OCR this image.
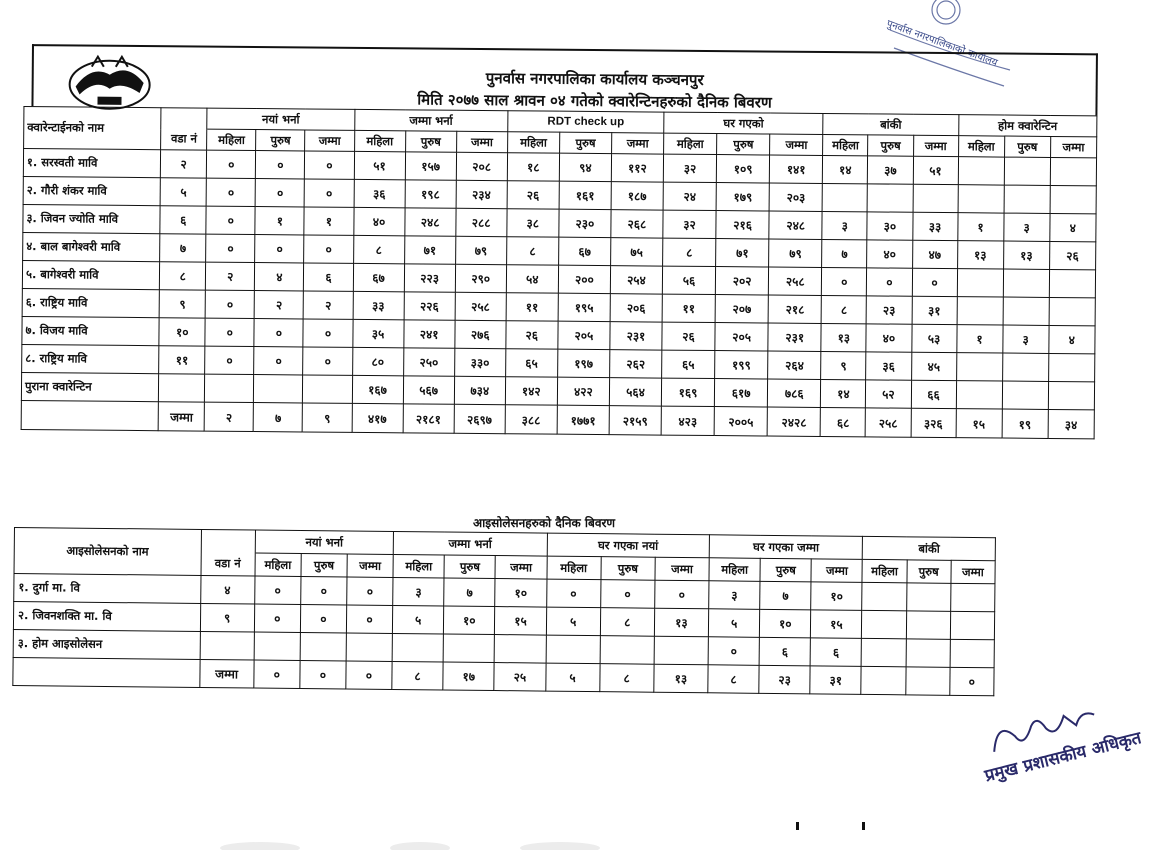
पुनर्वास नगरपालिकाको कार्यालय
पुनर्वास नगरपालिका कार्यालय कञ्चनपुर
मिति २०७७ साल श्रावन ०४ गतेको क्वारेन्टिनहरुको दैनिक बिवरण
क्वारेन्टाईनको नाम		नयां भर्ना			जम्मा भर्ना			RDT check up			घर गएको			बांकी			होम क्वारेन्टिन		
	वडा नं	महिला	पुरुष	जम्मा	महिला	पुरुष	जम्मा	महिला	पुरुष	जम्मा	महिला	पुरुष	जम्मा	महिला	पुरुष	जम्मा	महिला	पुरुष	जम्मा
१. सरस्वती मावि	२	०	०	०	५१	१५७	२०८	१८	९४	११२	३२	१०९	१४१	१४	३७	५१			
२. गौरी शंकर मावि	५	०	०	०	३६	१९८	२३४	२६	१६१	१८७	२४	१७९	२०३						
३. जिवन ज्योति मावि	६	०	१	१	४०	२४८	२८८	३८	२३०	२६८	३२	२१६	२४८	३	३०	३३	१	३	४
४. बाल बागेश्वरी मावि	७	०	०	०	८	७१	७९	८	६७	७५	८	७१	७९	७	४०	४७	१३	१३	२६
५. बागेश्वरी मावि	८	२	४	६	६७	२२३	२९०	५४	२००	२५४	५६	२०२	२५८	०	०	०			
६. राष्ट्रिय मावि	९	०	२	२	३३	२२६	२५८	११	१९५	२०६	११	२०७	२१८	८	२३	३१			
७. विजय मावि	१०	०	०	०	३५	२४१	२७६	२६	२०५	२३१	२६	२०५	२३१	१३	४०	५३	१	३	४
८. राष्ट्रिय मावि	११	०	०	०	८०	२५०	३३०	६५	१९७	२६२	६५	१९९	२६४	९	३६	४५			
पुराना क्वारेन्टिन					१६७	५६७	७३४	१४२	४२२	५६४	१६९	६१७	७८६	१४	५२	६६			
	जम्मा	२	७	९	४१७	२१८१	२६९७	३८८	१७७१	२१५९	४२३	२००५	२४२८	६८	२५८	३२६	१५	१९	३४
आइसोलेसनहरुको दैनिक बिवरण
आइसोलेसनको नाम		नयां भर्ना			जम्मा भर्ना			घर गएका नयां			घर गएका जम्मा			बांकी		
	वडा नं	महिला	पुरुष	जम्मा	महिला	पुरुष	जम्मा	महिला	पुरुष	जम्मा	महिला	पुरुष	जम्मा	महिला	पुरुष	जम्मा
१. दुर्गा मा. वि	४	०	०	०	३	७	१०	०	०	०	३	७	१०			
२. जिवनशक्ति मा. वि	९	०	०	०	५	१०	१५	५	८	१३	५	१०	१५			
३. होम आइसोलेसन											०	६	६			
	जम्मा	०	०	०	८	१७	२५	५	८	१३	८	२३	३१			०
प्रमुख प्रशासकीय अधिकृत
